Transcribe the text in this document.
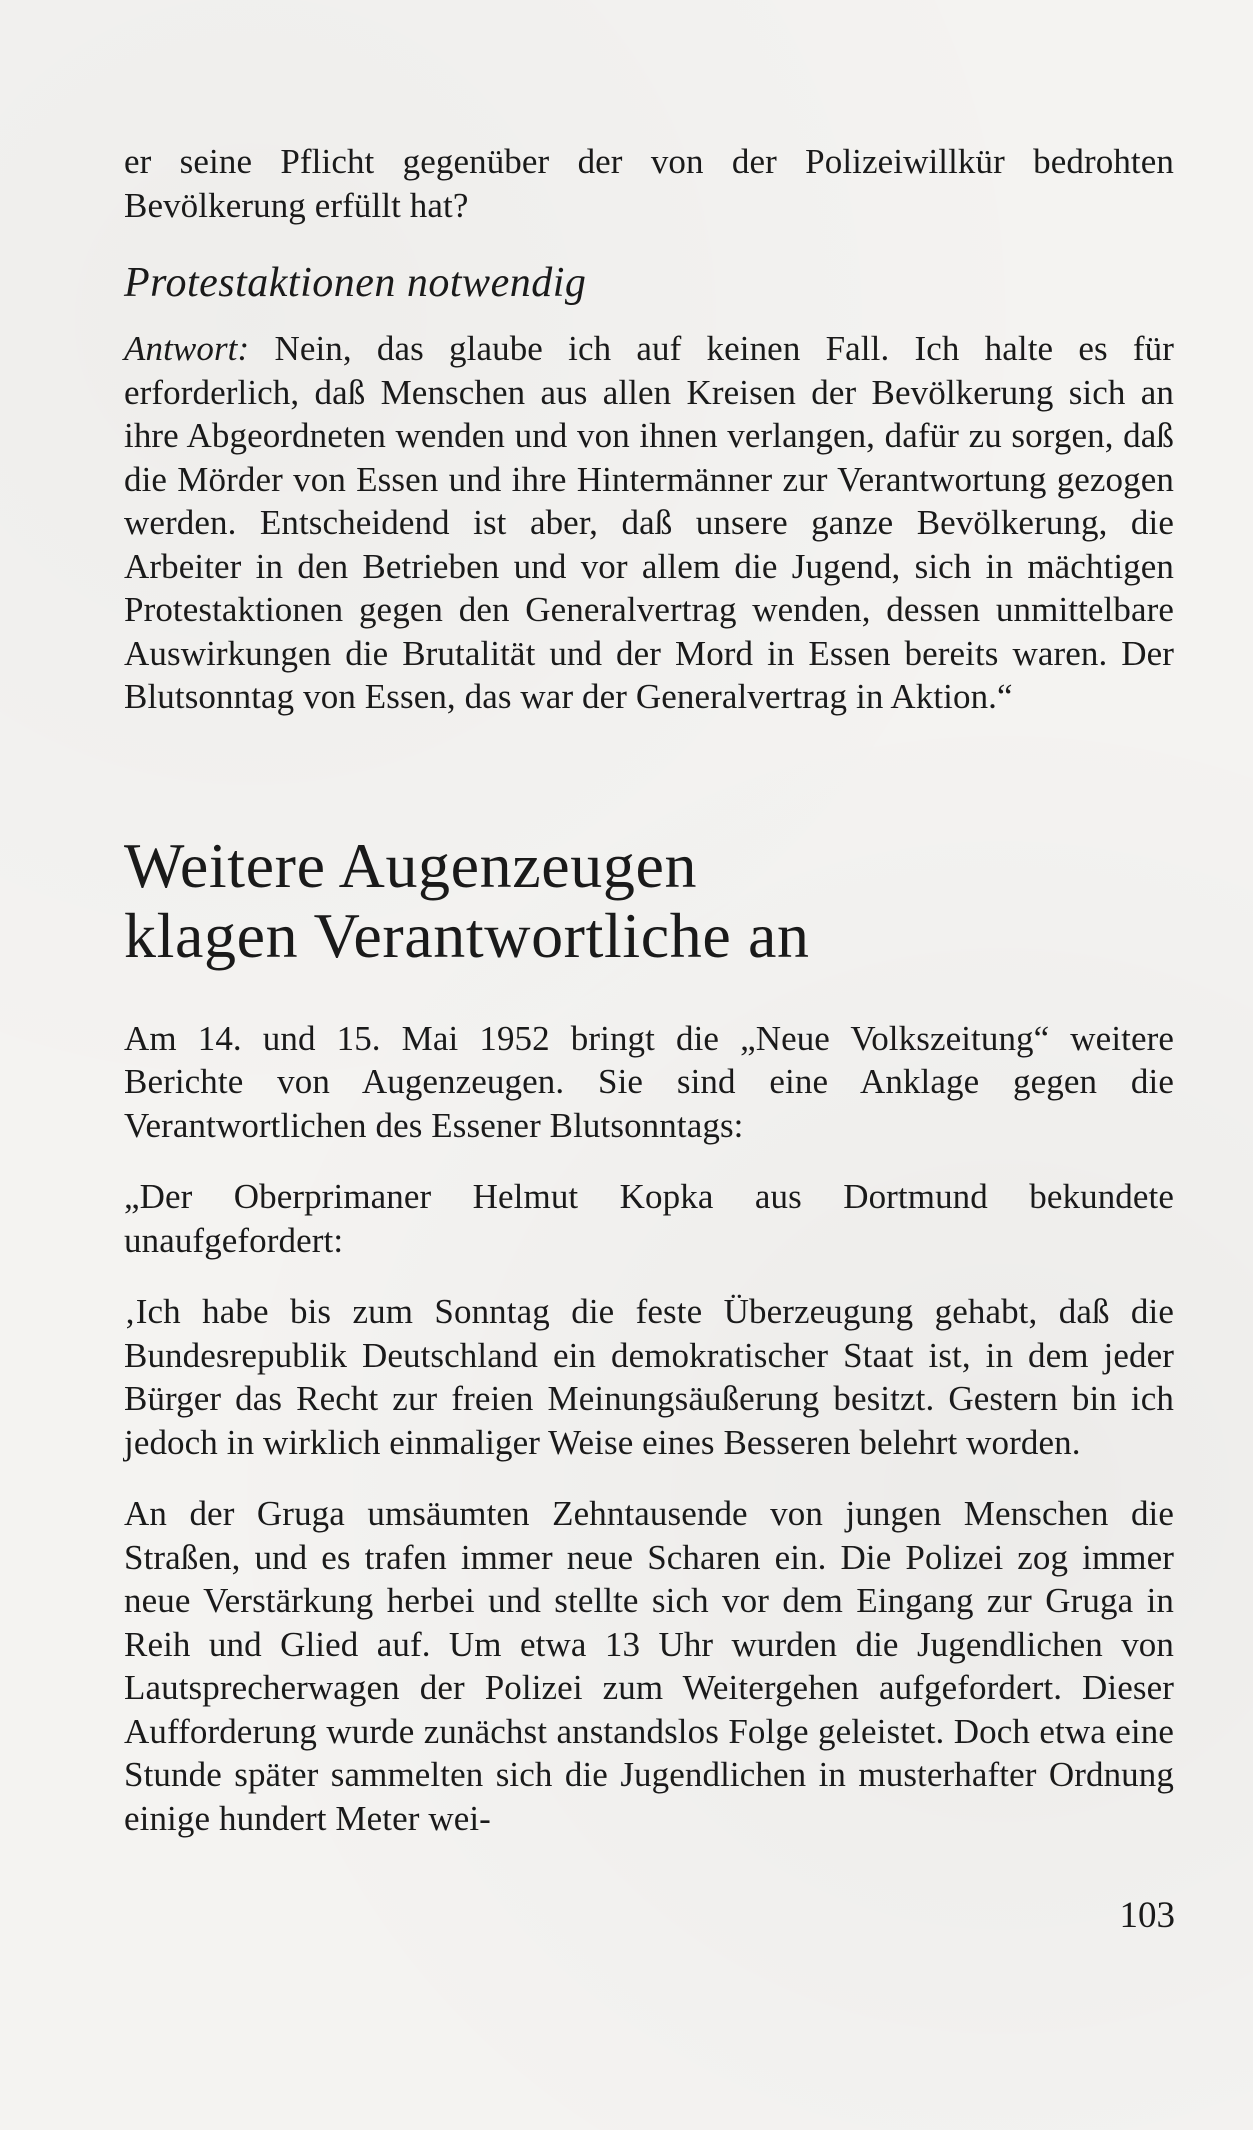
er seine Pflicht gegenüber der von der Polizeiwillkür bedrohten Bevölkerung erfüllt hat?

Protestaktionen notwendig

Antwort: Nein, das glaube ich auf keinen Fall. Ich halte es für erforderlich, daß Menschen aus allen Kreisen der Bevölkerung sich an ihre Abgeordneten wenden und von ihnen verlangen, dafür zu sorgen, daß die Mörder von Essen und ihre Hintermänner zur Verantwortung gezogen werden. Entscheidend ist aber, daß unsere ganze Bevölkerung, die Arbeiter in den Betrieben und vor allem die Jugend, sich in mächtigen Protestaktionen gegen den Generalvertrag wenden, dessen unmittelbare Auswirkungen die Brutalität und der Mord in Essen bereits waren. Der Blutsonntag von Essen, das war der Generalvertrag in Aktion.“

Weitere Augenzeugen
klagen Verantwortliche an

Am 14. und 15. Mai 1952 bringt die „Neue Volkszeitung“ weitere Berichte von Augenzeugen. Sie sind eine Anklage gegen die Verantwortlichen des Essener Blutsonntags:

„Der Oberprimaner Helmut Kopka aus Dortmund bekundete unaufgefordert:

‚Ich habe bis zum Sonntag die feste Überzeugung gehabt, daß die Bundesrepublik Deutschland ein demokratischer Staat ist, in dem jeder Bürger das Recht zur freien Meinungsäußerung besitzt. Gestern bin ich jedoch in wirklich einmaliger Weise eines Besseren belehrt worden.

An der Gruga umsäumten Zehntausende von jungen Menschen die Straßen, und es trafen immer neue Scharen ein. Die Polizei zog immer neue Verstärkung herbei und stellte sich vor dem Eingang zur Gruga in Reih und Glied auf. Um etwa 13 Uhr wurden die Jugendlichen von Lautsprecherwagen der Polizei zum Weitergehen aufgefordert. Dieser Aufforderung wurde zunächst anstandslos Folge geleistet. Doch etwa eine Stunde später sammelten sich die Jugendlichen in musterhafter Ordnung einige hundert Meter wei-

103
